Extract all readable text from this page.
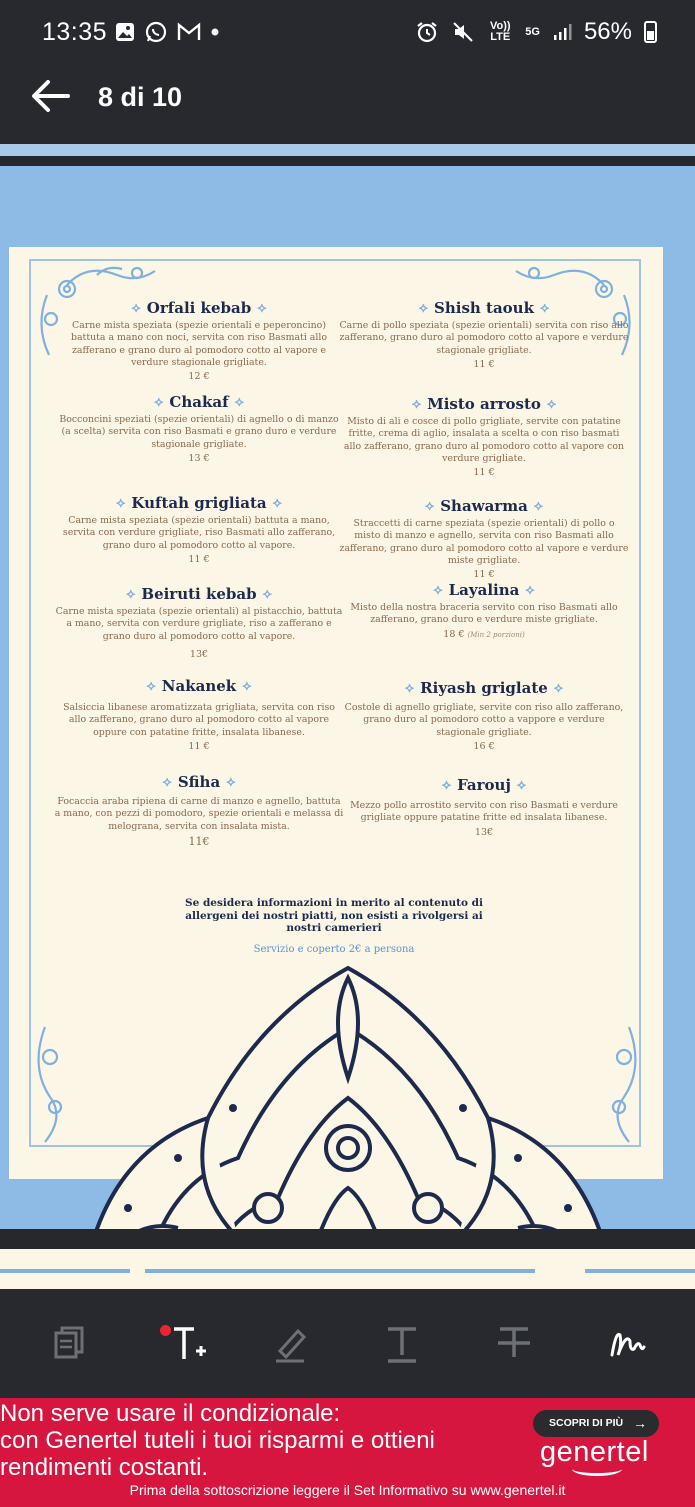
13:35	Vo)) LTE 5G 56%
8 di 10
⟡ Orfali kebab ⟡
Carne mista speziata (spezie orientali e peperoncino) battuta a mano con noci, servita con riso Basmati allo zafferano e grano duro al pomodoro cotto al vapore e verdure stagionale grigliate.
12 €
⟡ Chakaf ⟡
Bocconcini speziati (spezie orientali) di agnello o di manzo (a scelta) servita con riso Basmati e grano duro e verdure stagionale grigliate.
13 €
⟡ Kuftah grigliata ⟡
Carne mista speziata (spezie orientali) battuta a mano, servita con verdure grigliate, riso Basmati allo zafferano, grano duro al pomodoro cotto al vapore.
11 €
⟡ Beiruti kebab ⟡
Carne mista speziata (spezie orientali) al pistacchio, battuta a mano, servita con verdure grigliate, riso a zafferano e grano duro al pomodoro cotto al vapore.
13€
⟡ Nakanek ⟡
Salsiccia libanese aromatizzata grigliata, servita con riso allo zafferano, grano duro al pomodoro cotto al vapore oppure con patatine fritte, insalata libanese.
11 €
⟡ Sfiha ⟡
Focaccia araba ripiena di carne di manzo e agnello, battuta a mano, con pezzi di pomodoro, spezie orientali e melassa di melograna, servita con insalata mista.
11€
⟡ Shish taouk ⟡
Carne di pollo speziata (spezie orientali) servita con riso allo zafferano, grano duro al pomodoro cotto al vapore e verdure stagionale grigliate.
11 €
⟡ Misto arrosto ⟡
Misto di ali e cosce di pollo grigliate, servite con patatine fritte, crema di aglio, insalata a scelta o con riso basmati allo zafferano, grano duro al pomodoro cotto al vapore con verdure grigliate.
11 €
⟡ Shawarma ⟡
Straccetti di carne speziata (spezie orientali) di pollo o misto di manzo e agnello, servita con riso Basmati allo zafferano, grano duro al pomodoro cotto al vapore e verdure miste grigliate.
11 €
⟡ Layalina ⟡
Misto della nostra braceria servito con riso Basmati allo zafferano, grano duro e verdure miste grigliate.
18 € (Min 2 porzioni)
⟡ Riyash griglate ⟡
Costole di agnello grigliate, servite con riso allo zafferano, grano duro al pomodoro cotto a vappore e verdure stagionale grigliate.
16 €
⟡ Farouj ⟡
Mezzo pollo arrostito servito con riso Basmati e verdure grigliate oppure patatine fritte ed insalata libanese.
13€
Se desidera informazioni in merito al contenuto di allergeni dei nostri piatti, non esisti a rivolgersi ai nostri camerieri
Servizio e coperto 2€ a persona
Non serve usare il condizionale:
con Genertel tuteli i tuoi risparmi e ottieni
rendimenti costanti.
SCOPRI DI PIÙ →
genertel
Prima della sottoscrizione leggere il Set Informativo su www.genertel.it
